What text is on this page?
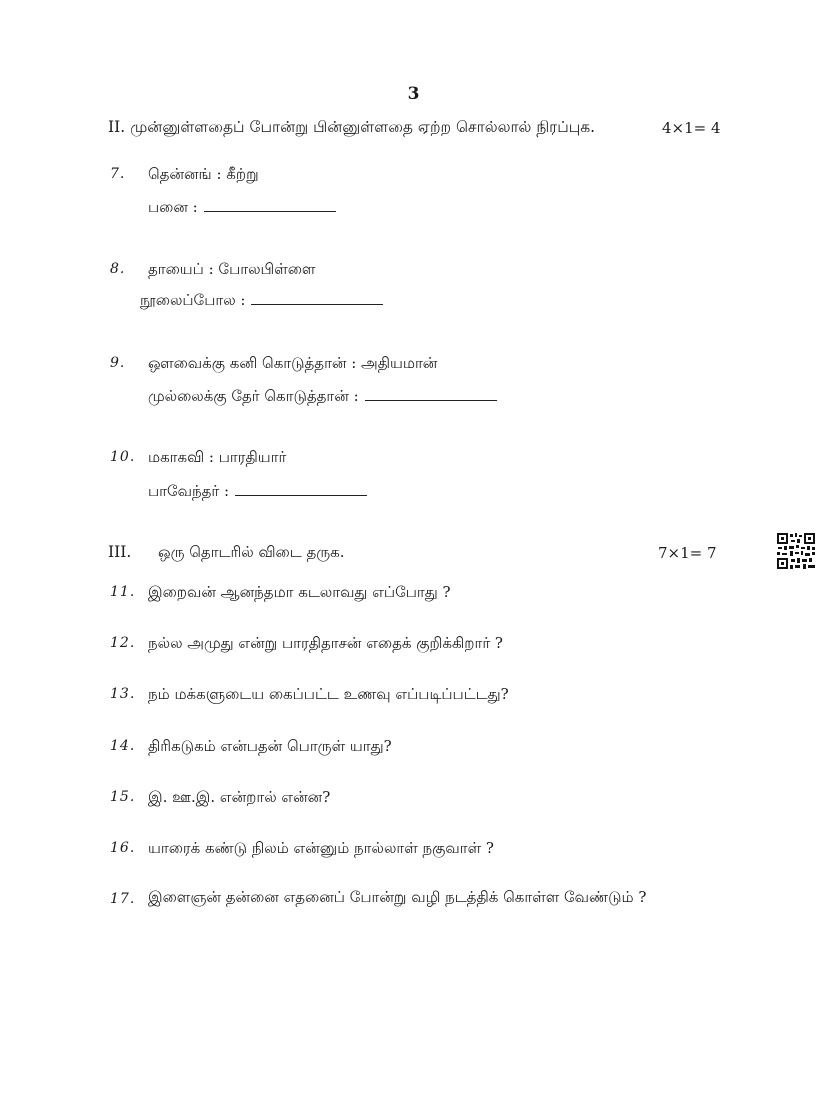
3
II. முன்னுள்ளதைப் போன்று பின்னுள்ளதை ஏற்ற சொல்லால் நிரப்புக.	4×1= 4
7. தென்னங் : கீற்று
பனை :
8. தாயைப் : போலபிள்ளை
நூலைப்போல :
9. ஔவைக்கு கனி கொடுத்தான் : அதியமான்
முல்லைக்கு தேர் கொடுத்தான் :
10. மகாகவி : பாரதியார்
பாவேந்தர் :
III. ஒரு தொடரில் விடை தருக.	7×1= 7
11. இறைவன் ஆனந்தமா கடலாவது எப்போது ?
12. நல்ல அமுது என்று பாரதிதாசன் எதைக் குறிக்கிறார் ?
13. நம் மக்களுடைய கைப்பட்ட உணவு எப்படிப்பட்டது?
14. திரிகடுகம் என்பதன் பொருள் யாது?
15. இ. ஊ.இ. என்றால் என்ன?
16. யாரைக் கண்டு நிலம் என்னும் நால்லாள் நகுவாள் ?
17. இளைஞன் தன்னை எதனைப் போன்று வழி நடத்திக் கொள்ள வேண்டும் ?
